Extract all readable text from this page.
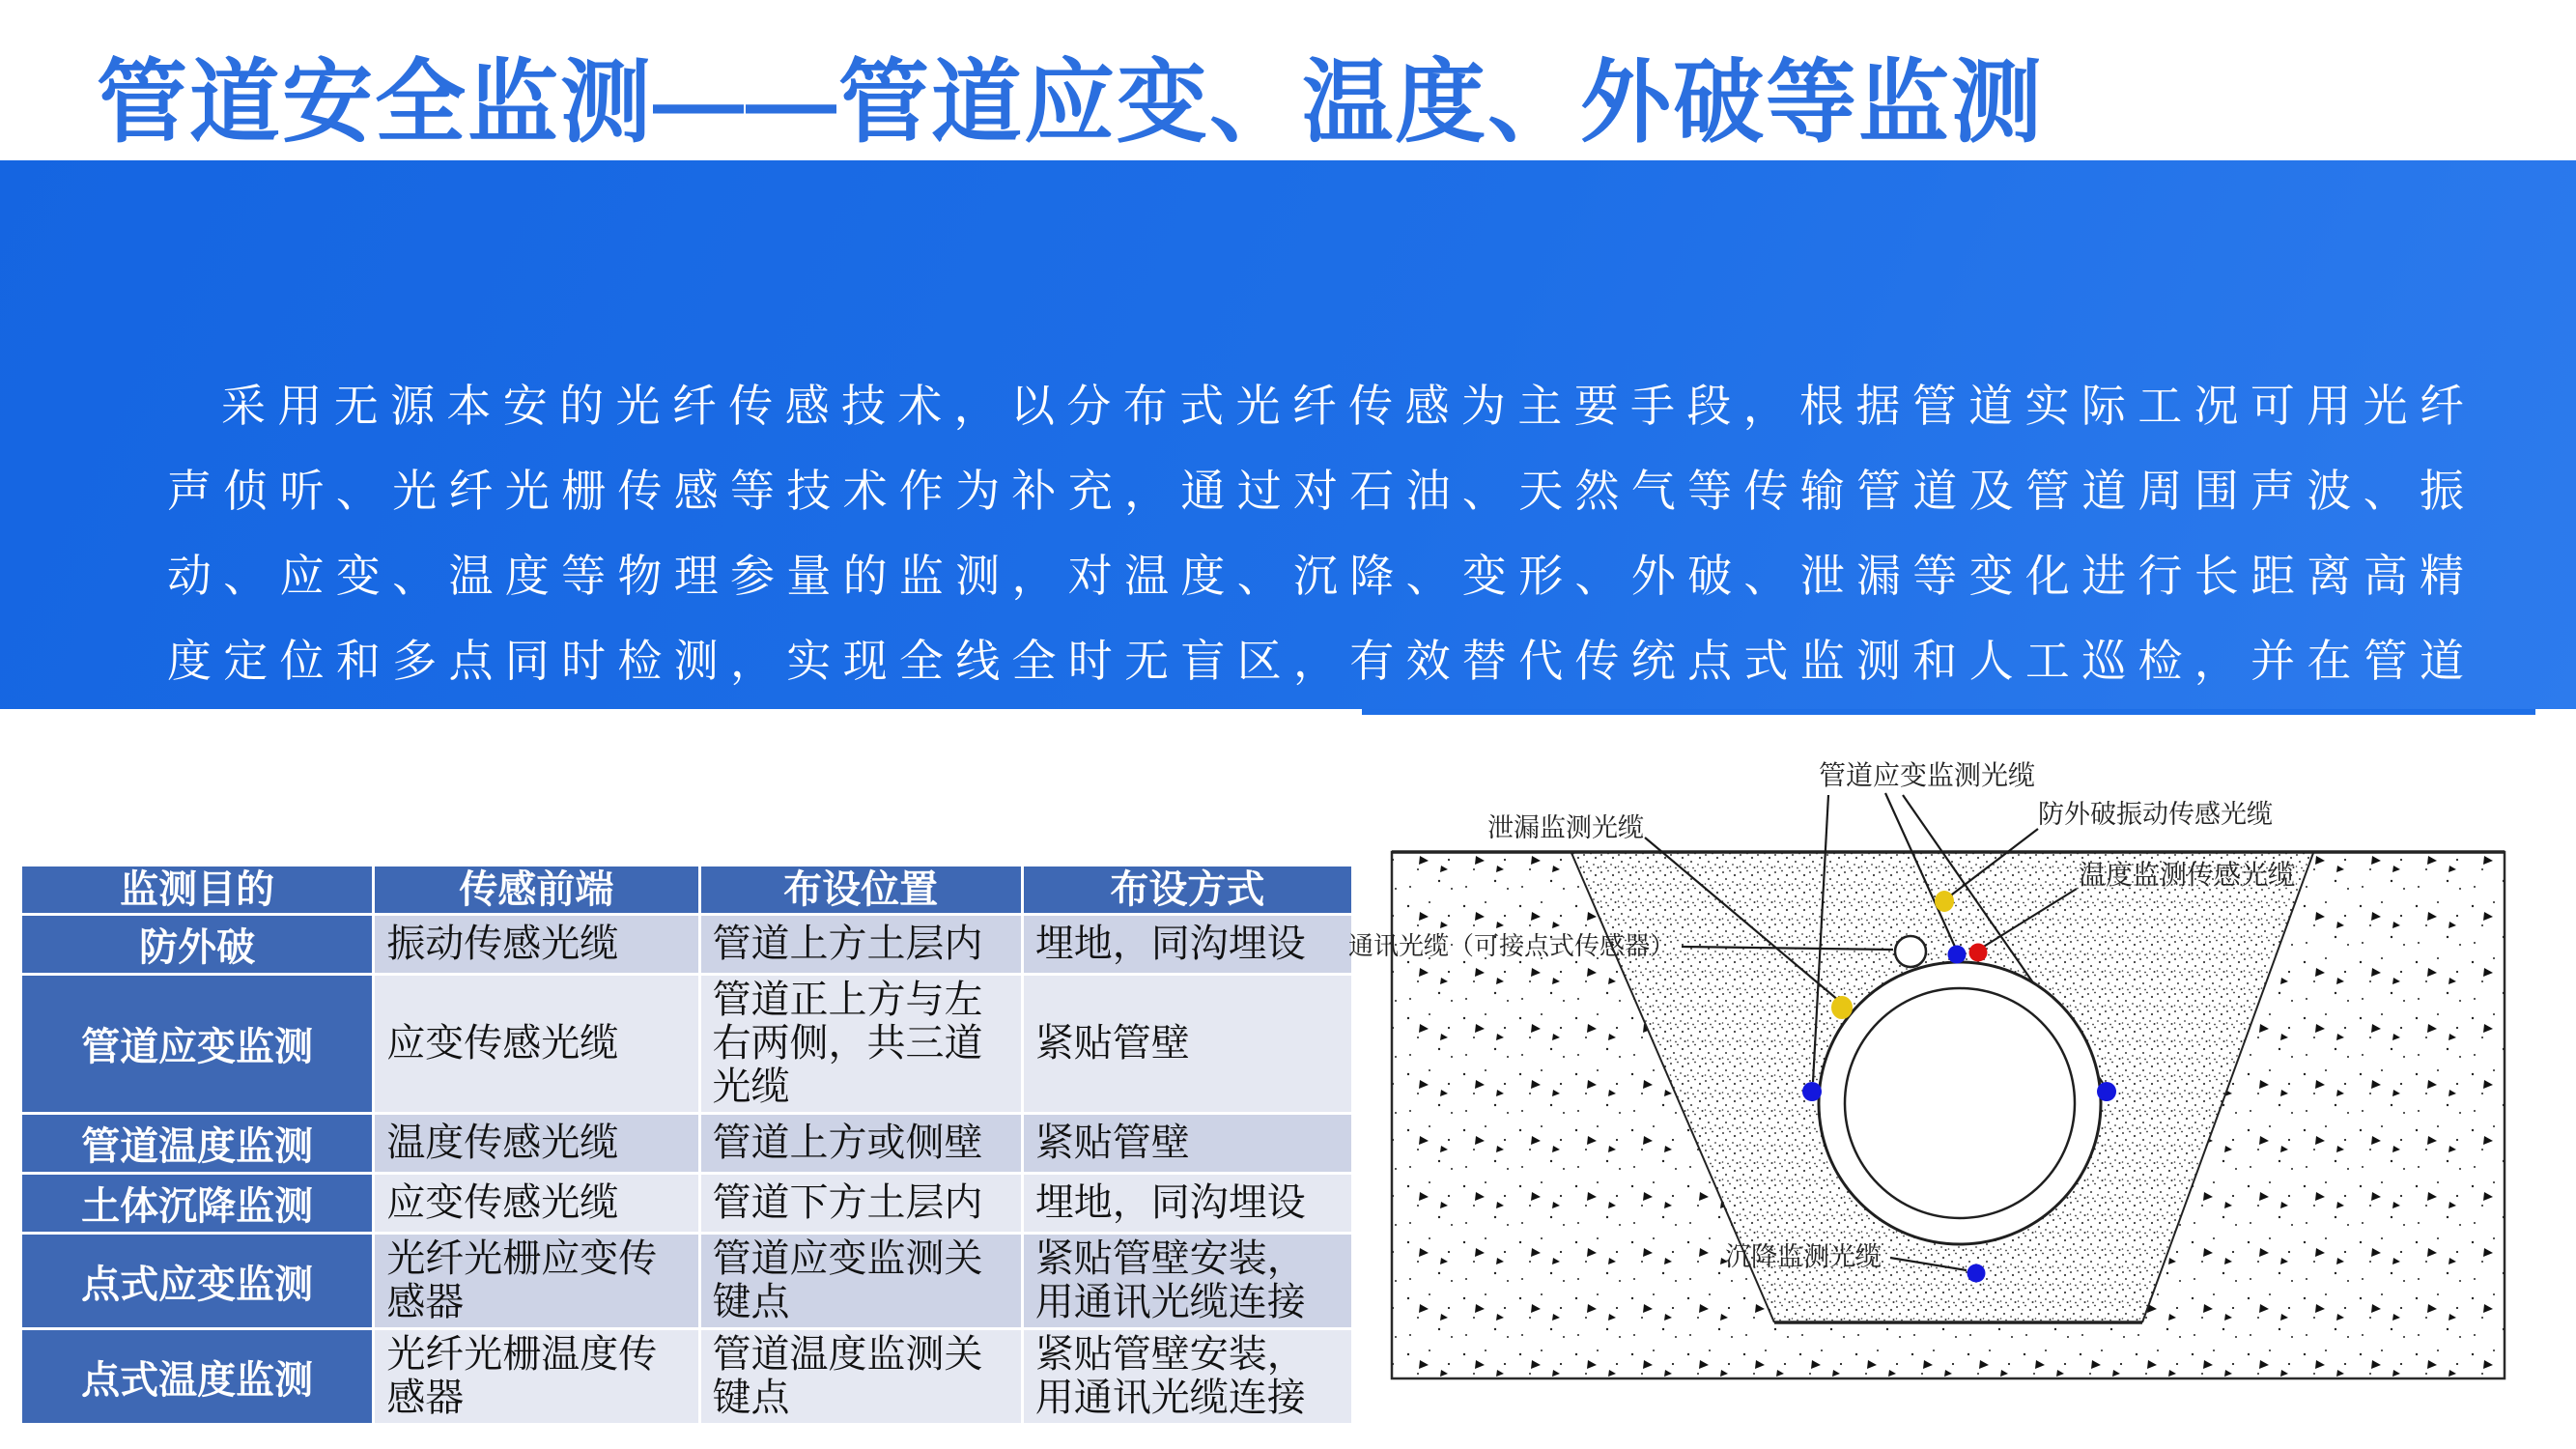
管道安全监测——管道应变、温度、外破等监测
采用无源本安的光纤传感技术，以分布式光纤传感为主要手段，根据管道实际工况可用光纤
声侦听、光纤光栅传感等技术作为补充，通过对石油、天然气等传输管道及管道周围声波、振
动、应变、温度等物理参量的监测，对温度、沉降、变形、外破、泄漏等变化进行长距离高精
度定位和多点同时检测，实现全线全时无盲区，有效替代传统点式监测和人工巡检，并在管道
发生损坏前预警。
监测目的	传感前端	布设位置	布设方式
防外破	振动传感光缆	管道上方土层内	埋地，同沟埋设
管道应变监测	应变传感光缆	管道正上方与左右两侧，共三道光缆	紧贴管壁
管道温度监测	温度传感光缆	管道上方或侧壁	紧贴管壁
土体沉降监测	应变传感光缆	管道下方土层内	埋地，同沟埋设
点式应变监测	光纤光栅应变传感器	管道应变监测关键点	紧贴管壁安装，用通讯光缆连接
点式温度监测	光纤光栅温度传感器	管道温度监测关键点	紧贴管壁安装，用通讯光缆连接
管道应变监测光缆
防外破振动传感光缆
泄漏监测光缆
温度监测传感光缆
通讯光缆（可接点式传感器）
沉降监测光缆
